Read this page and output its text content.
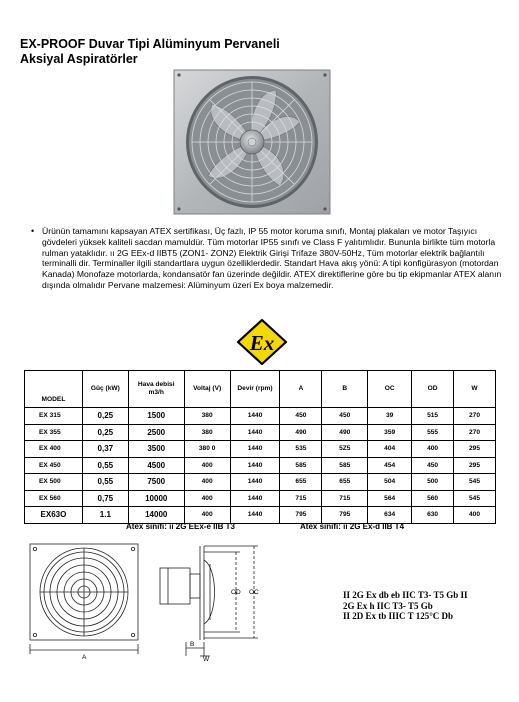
EX-PROOF Duvar Tipi Alüminyum Pervaneli
Aksiyal Aspiratörler
• Ürünün tamamını kapsayan ATEX sertifikası, Üç fazlı, IP 55 motor koruma sınıfı, Montaj plakaları ve motor Taşıyıcı gövdeleri yüksek kaliteli sacdan mamuldür. Tüm motorlar IP55 sınıfı ve Class F yalıtımlıdır. Bununla birlikte tüm motorla rulman yataklıdır. ıı 2G EEx-d IIBT5 (ZON1- ZON2) Elektrik Girişi Trifaze 380V-50Hz, Tüm motorlar elektrik bağlantılı terminalli dir. Terminaller ilgili standartlara uygun özelliklerdedir. Standart Hava akış yönü: A tipi konfigürasyon (motordan Kanada) Monofaze motorlarda, kondansatör fan üzerinde değildir. ATEX direktiflerine göre bu tip ekipmanlar ATEX alanın dışında olmalıdır Pervane malzemesi: Alüminyum üzeri Ex boya malzemedir.

Ex
MODEL	Güç (kW)	Hava debisi m3/h	Voltaj (V)	Devir (rpm)	A	B	OC	OD	W
EX 315	0,25	1500	380	1440	450	450	39	515	270
EX 355	0,25	2500	380	1440	490	490	359	555	270
EX 400	0,37	3500	380 0	1440	535	5Z5	404	400	295
EX 450	0,55	4500	400	1440	585	585	454	450	295
EX 500	0,55	7500	400	1440	655	655	504	500	545
EX 560	0,75	10000	400	1440	715	715	564	560	545
EX63O	1.1	14000	400	1440	795	795	634	630	400
Atex sınıfı: ıı 2G EEx-e IIB T3	Atex sınıfı: ıı 2G Ex-d IIB T4
A
B
OD OC
W
II 2G Ex db eb IIC T3- T5 Gb II
2G Ex h IIC T3- T5 Gb
II 2D Ex tb IIIC T 125°C Db
